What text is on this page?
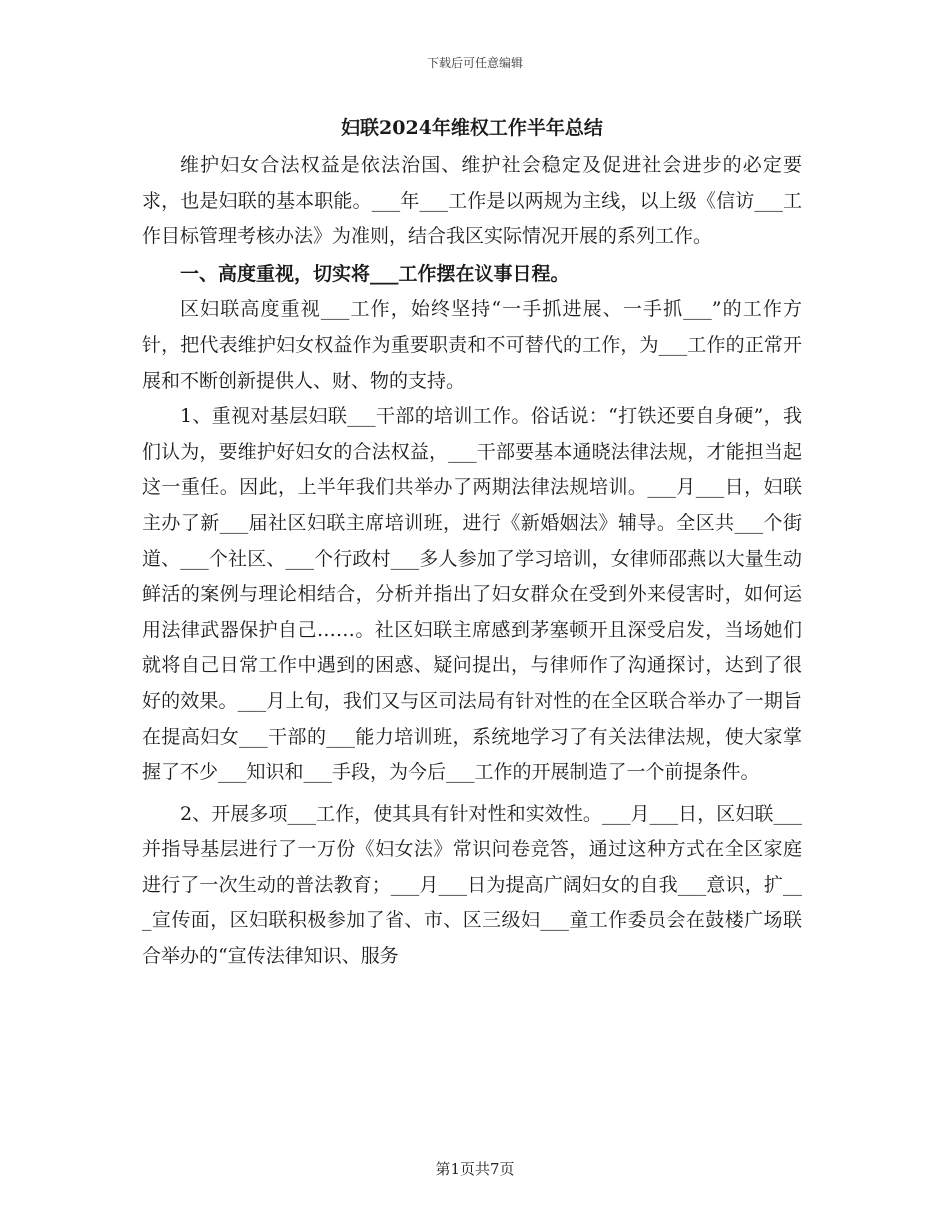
下载后可任意编辑
妇联2024年维权工作半年总结

维护妇女合法权益是依法治国、维护社会稳定及促进社会进步的必定要求，也是妇联的基本职能。___年___工作是以两规为主线，以上级《信访___工作目标管理考核办法》为准则，结合我区实际情况开展的系列工作。

一、高度重视，切实将___工作摆在议事日程。

区妇联高度重视___工作，始终坚持“一手抓进展、一手抓___”的工作方针，把代表维护妇女权益作为重要职责和不可替代的工作，为___工作的正常开展和不断创新提供人、财、物的支持。

1、重视对基层妇联___干部的培训工作。俗话说：“打铁还要自身硬”，我们认为，要维护好妇女的合法权益，___干部要基本通晓法律法规，才能担当起这一重任。因此，上半年我们共举办了两期法律法规培训。___月___日，妇联主办了新___届社区妇联主席培训班，进行《新婚姻法》辅导。全区共___个街道、___个社区、___个行政村___多人参加了学习培训，女律师邵燕以大量生动鲜活的案例与理论相结合，分析并指出了妇女群众在受到外来侵害时，如何运用法律武器保护自己……。社区妇联主席感到茅塞顿开且深受启发，当场她们就将自己日常工作中遇到的困惑、疑问提出，与律师作了沟通探讨，达到了很好的效果。___月上旬，我们又与区司法局有针对性的在全区联合举办了一期旨在提高妇女___干部的___能力培训班，系统地学习了有关法律法规，使大家掌握了不少___知识和___手段，为今后___工作的开展制造了一个前提条件。

2、开展多项___工作，使其具有针对性和实效性。___月___日，区妇联___并指导基层进行了一万份《妇女法》常识问卷竞答，通过这种方式在全区家庭进行了一次生动的普法教育；___月___日为提高广阔妇女的自我___意识，扩___宣传面，区妇联积极参加了省、市、区三级妇___童工作委员会在鼓楼广场联合举办的“宣传法律知识、服务

第1页共7页
